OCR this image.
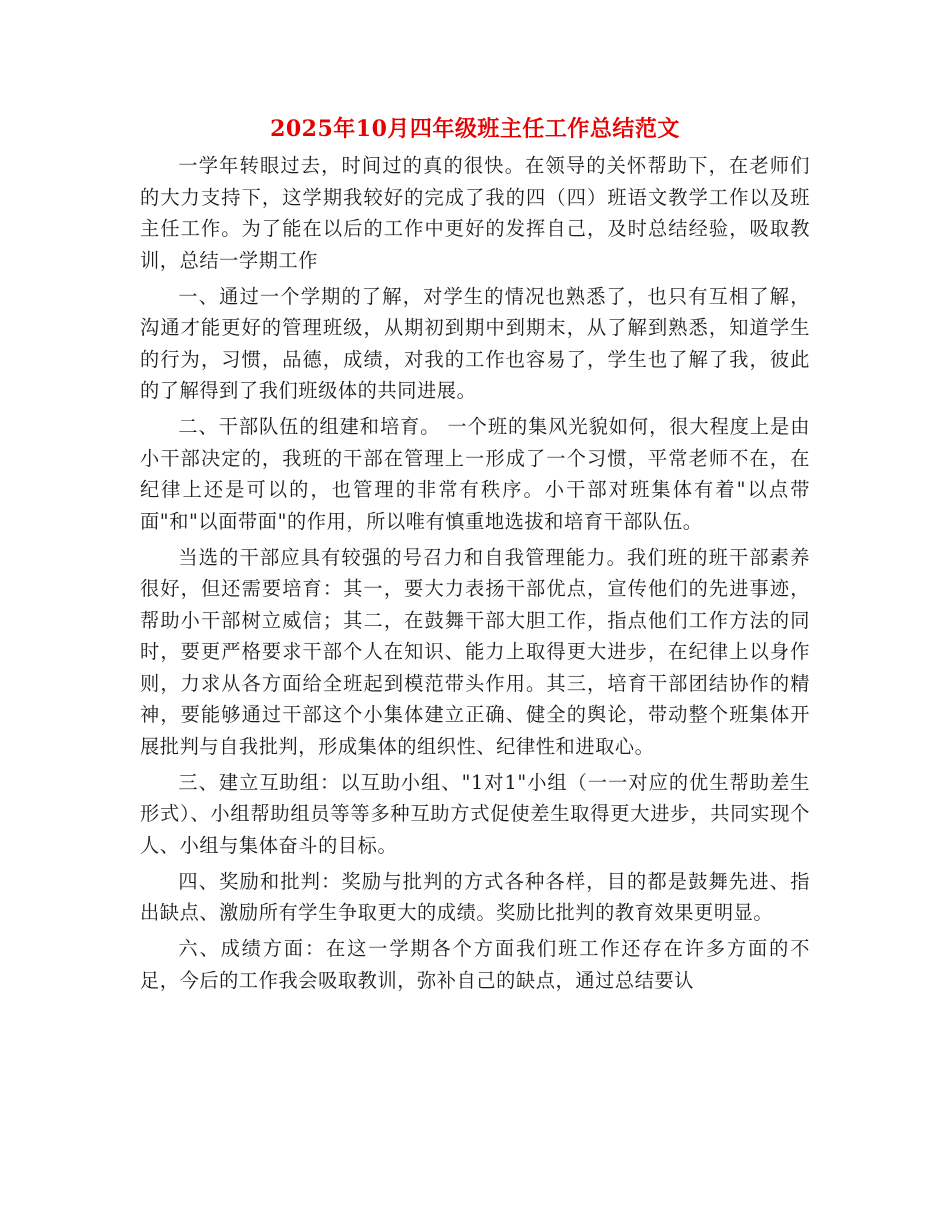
2025年10月四年级班主任工作总结范文

一学年转眼过去，时间过的真的很快。在领导的关怀帮助下，在老师们的大力支持下，这学期我较好的完成了我的四（四）班语文教学工作以及班主任工作。为了能在以后的工作中更好的发挥自己，及时总结经验，吸取教训，总结一学期工作

一、通过一个学期的了解，对学生的情况也熟悉了，也只有互相了解，沟通才能更好的管理班级，从期初到期中到期末，从了解到熟悉，知道学生的行为，习惯，品德，成绩，对我的工作也容易了，学生也了解了我，彼此的了解得到了我们班级体的共同进展。

二、干部队伍的组建和培育。 一个班的集风光貌如何，很大程度上是由小干部决定的，我班的干部在管理上一形成了一个习惯，平常老师不在，在纪律上还是可以的，也管理的非常有秩序。小干部对班集体有着"以点带面"和"以面带面"的作用，所以唯有慎重地选拔和培育干部队伍。

当选的干部应具有较强的号召力和自我管理能力。我们班的班干部素养很好，但还需要培育：其一，要大力表扬干部优点，宣传他们的先进事迹，帮助小干部树立威信；其二，在鼓舞干部大胆工作，指点他们工作方法的同时，要更严格要求干部个人在知识、能力上取得更大进步，在纪律上以身作则，力求从各方面给全班起到模范带头作用。其三，培育干部团结协作的精神，要能够通过干部这个小集体建立正确、健全的舆论，带动整个班集体开展批判与自我批判，形成集体的组织性、纪律性和进取心。

三、建立互助组：以互助小组、"1对1"小组（一一对应的优生帮助差生形式）、小组帮助组员等等多种互助方式促使差生取得更大进步，共同实现个人、小组与集体奋斗的目标。

四、奖励和批判：奖励与批判的方式各种各样，目的都是鼓舞先进、指出缺点、激励所有学生争取更大的成绩。奖励比批判的教育效果更明显。

六、成绩方面：在这一学期各个方面我们班工作还存在许多方面的不足，今后的工作我会吸取教训，弥补自己的缺点，通过总结要认
